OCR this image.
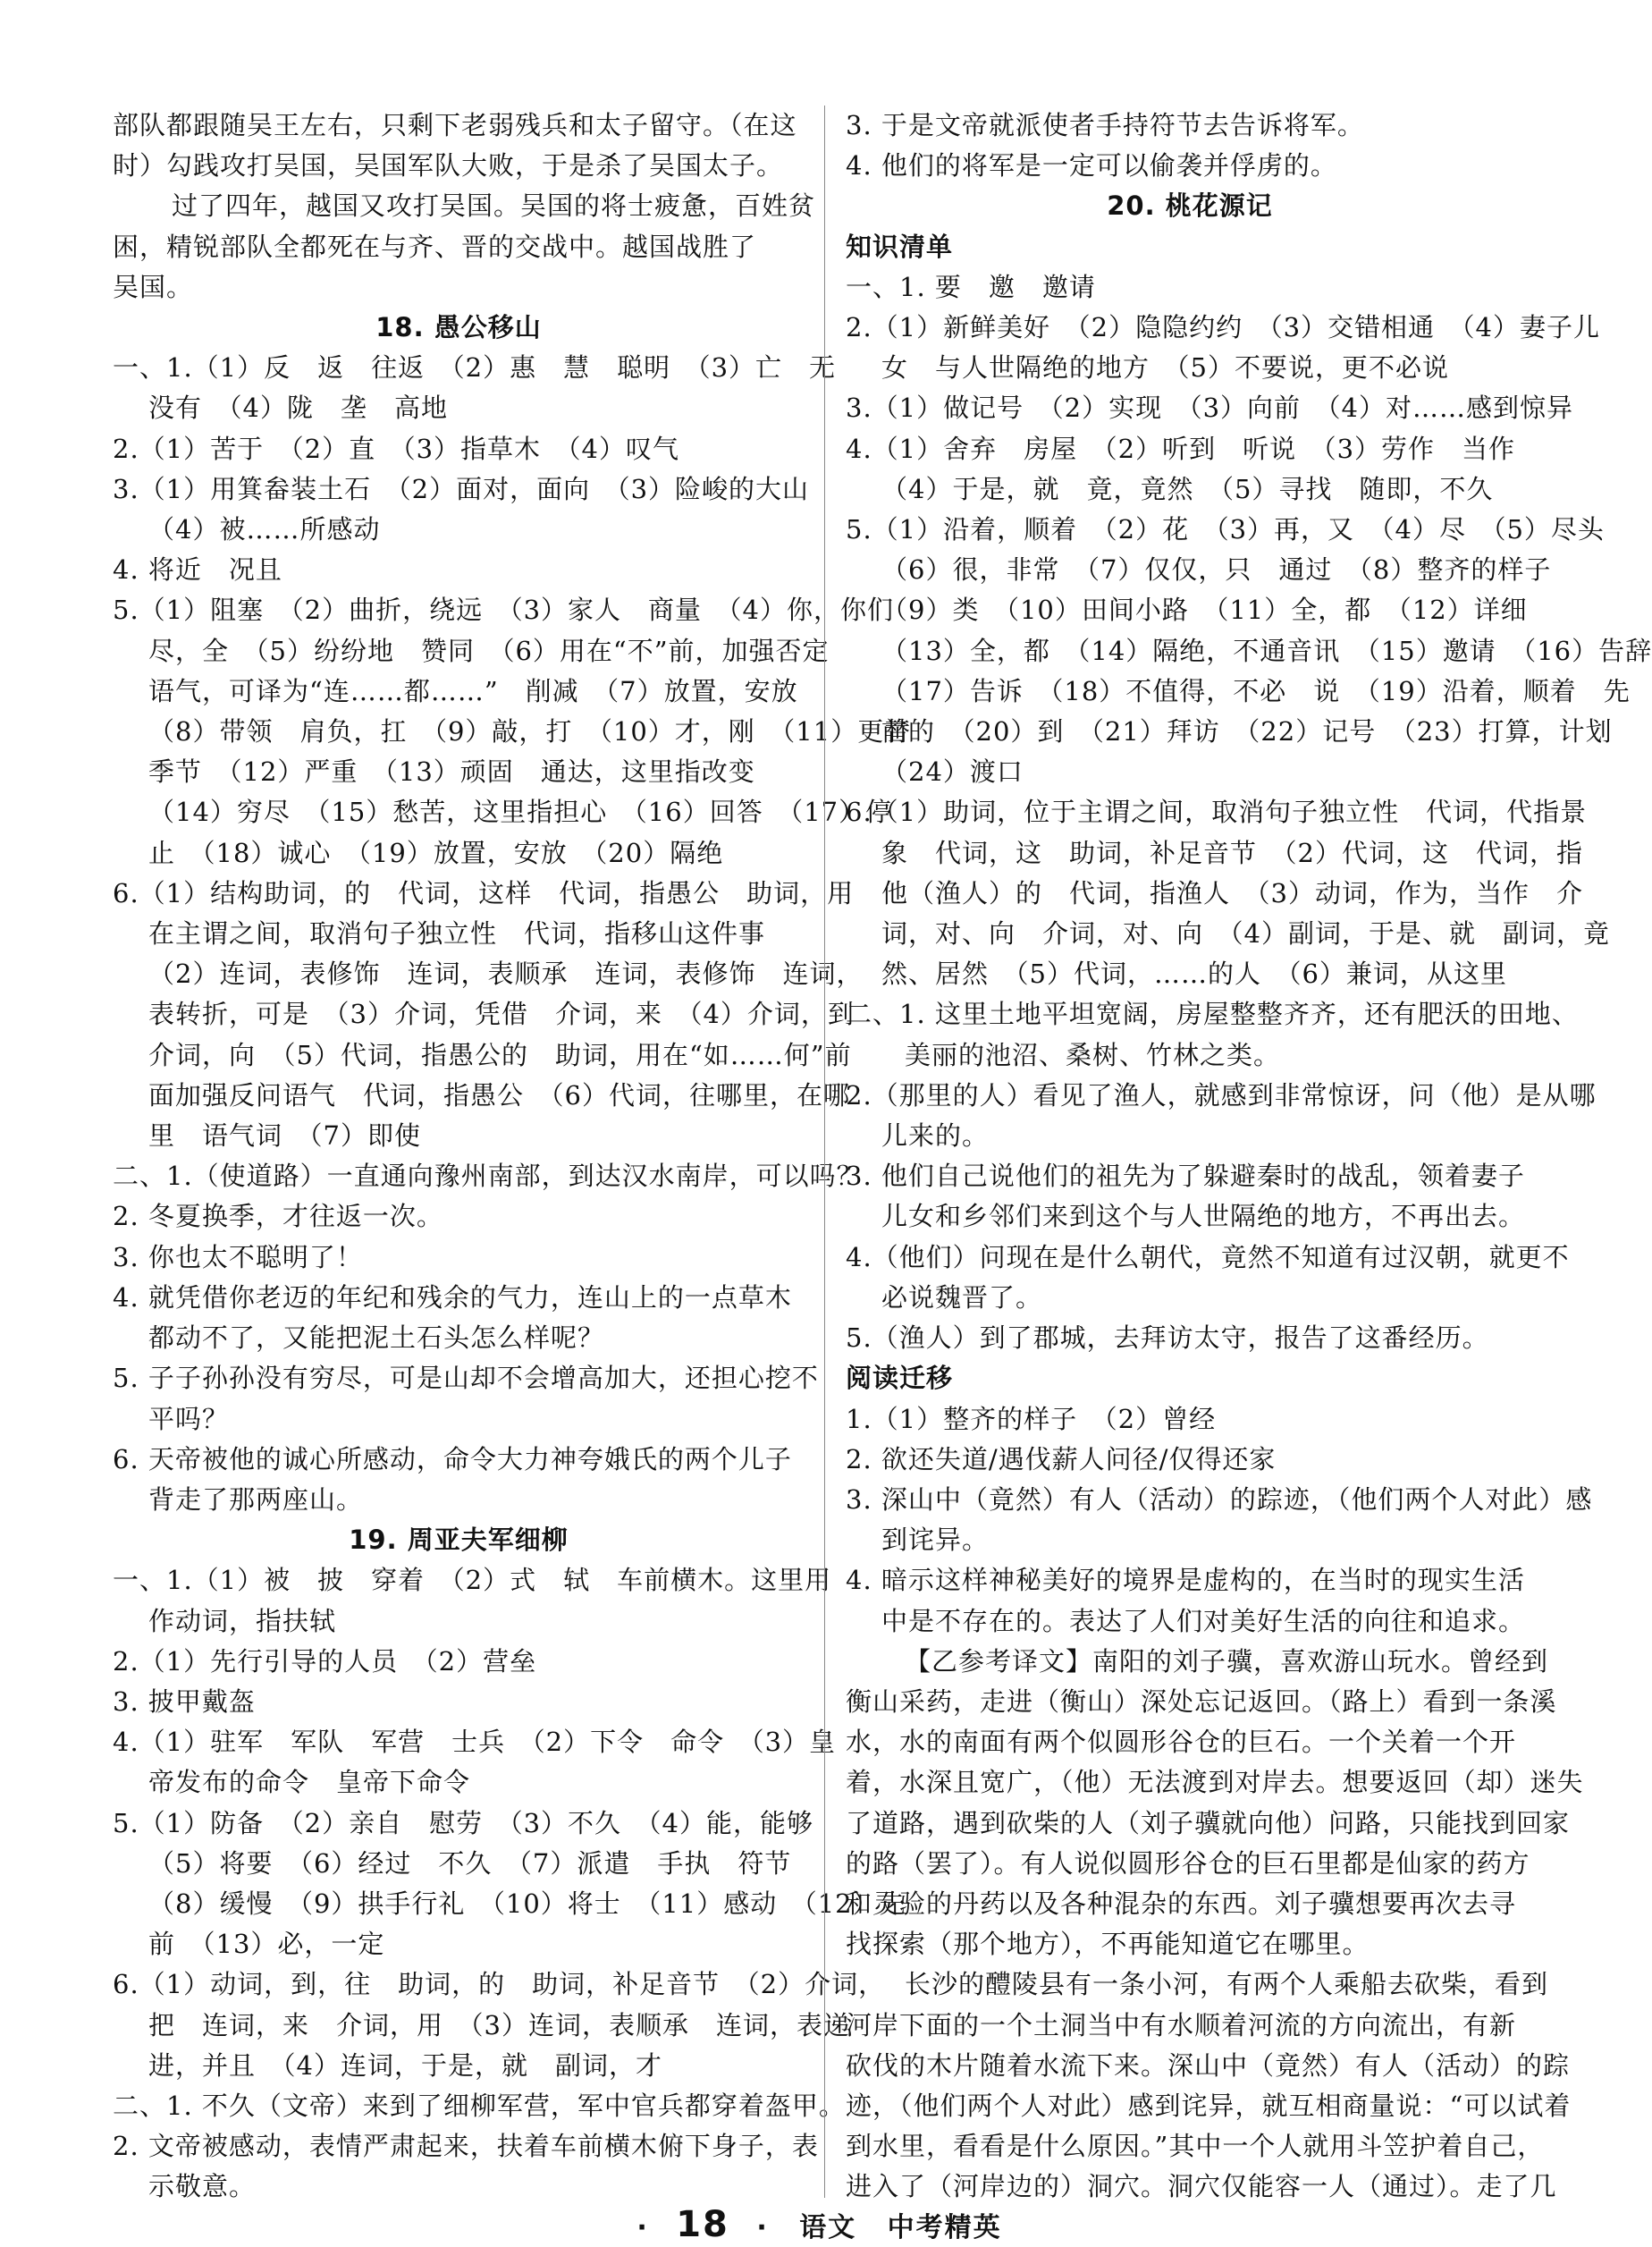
部队都跟随吴王左右，只剩下老弱残兵和太子留守。（在这
时）勾践攻打吴国，吴国军队大败，于是杀了吴国太子。
过了四年，越国又攻打吴国。吴国的将士疲惫，百姓贫
困，精锐部队全都死在与齐、晋的交战中。越国战胜了
吴国。
18. 愚公移山
一、1.（1）反　返　往返　（2）惠　慧　聪明　（3）亡　无
没有　（4）陇　垄　高地
2.（1）苦于　（2）直　（3）指草木　（4）叹气
3.（1）用箕畚装土石　（2）面对，面向　（3）险峻的大山
（4）被……所感动
4. 将近　况且
5.（1）阻塞　（2）曲折，绕远　（3）家人　商量　（4）你，你们
尽，全　（5）纷纷地　赞同　（6）用在“不”前，加强否定
语气，可译为“连……都……”　削减　（7）放置，安放
（8）带领　肩负，扛　（9）敲，打　（10）才，刚　（11）更替
季节　（12）严重　（13）顽固　通达，这里指改变
（14）穷尽　（15）愁苦，这里指担心　（16）回答　（17）停
止　（18）诚心　（19）放置，安放　（20）隔绝
6.（1）结构助词，的　代词，这样　代词，指愚公　助词，用
在主谓之间，取消句子独立性　代词，指移山这件事
（2）连词，表修饰　连词，表顺承　连词，表修饰　连词，
表转折，可是　（3）介词，凭借　介词，来　（4）介词，到
介词，向　（5）代词，指愚公的　助词，用在“如……何”前
面加强反问语气　代词，指愚公　（6）代词，往哪里，在哪
里　语气词　（7）即使
二、1.（使道路）一直通向豫州南部，到达汉水南岸，可以吗？
2. 冬夏换季，才往返一次。
3. 你也太不聪明了！
4. 就凭借你老迈的年纪和残余的气力，连山上的一点草木
都动不了，又能把泥土石头怎么样呢？
5. 子子孙孙没有穷尽，可是山却不会增高加大，还担心挖不
平吗？
6. 天帝被他的诚心所感动，命令大力神夸娥氏的两个儿子
背走了那两座山。
19. 周亚夫军细柳
一、1.（1）被　披　穿着　（2）式　轼　车前横木。这里用
作动词，指扶轼
2.（1）先行引导的人员　（2）营垒
3. 披甲戴盔
4.（1）驻军　军队　军营　士兵　（2）下令　命令　（3）皇
帝发布的命令　皇帝下命令
5.（1）防备　（2）亲自　慰劳　（3）不久　（4）能，能够
（5）将要　（6）经过　不久　（7）派遣　手执　符节
（8）缓慢　（9）拱手行礼　（10）将士　（11）感动　（12）先
前　（13）必，一定
6.（1）动词，到，往　助词，的　助词，补足音节　（2）介词，
把　连词，来　介词，用　（3）连词，表顺承　连词，表递
进，并且　（4）连词，于是，就　副词，才
二、1. 不久（文帝）来到了细柳军营，军中官兵都穿着盔甲。
2. 文帝被感动，表情严肃起来，扶着车前横木俯下身子，表
示敬意。
3. 于是文帝就派使者手持符节去告诉将军。
4. 他们的将军是一定可以偷袭并俘虏的。
20. 桃花源记
知识清单
一、1. 要　邀　邀请
2.（1）新鲜美好　（2）隐隐约约　（3）交错相通　（4）妻子儿
女　与人世隔绝的地方　（5）不要说，更不必说
3.（1）做记号　（2）实现　（3）向前　（4）对……感到惊异
4.（1）舍弃　房屋　（2）听到　听说　（3）劳作　当作
（4）于是，就　竟，竟然　（5）寻找　随即，不久
5.（1）沿着，顺着　（2）花　（3）再，又　（4）尽　（5）尽头
（6）很，非常　（7）仅仅，只　通过　（8）整齐的样子
（9）类　（10）田间小路　（11）全，都　（12）详细
（13）全，都　（14）隔绝，不通音讯　（15）邀请　（16）告辞
（17）告诉　（18）不值得，不必　说　（19）沿着，顺着　先
前的　（20）到　（21）拜访　（22）记号　（23）打算，计划
（24）渡口
6.（1）助词，位于主谓之间，取消句子独立性　代词，代指景
象　代词，这　助词，补足音节　（2）代词，这　代词，指
他（渔人）的　代词，指渔人　（3）动词，作为，当作　介
词，对、向　介词，对、向　（4）副词，于是、就　副词，竟
然、居然　（5）代词，……的人　（6）兼词，从这里
二、1. 这里土地平坦宽阔，房屋整整齐齐，还有肥沃的田地、
美丽的池沼、桑树、竹林之类。
2.（那里的人）看见了渔人，就感到非常惊讶，问（他）是从哪
儿来的。
3. 他们自己说他们的祖先为了躲避秦时的战乱，领着妻子
儿女和乡邻们来到这个与人世隔绝的地方，不再出去。
4.（他们）问现在是什么朝代，竟然不知道有过汉朝，就更不
必说魏晋了。
5.（渔人）到了郡城，去拜访太守，报告了这番经历。
阅读迁移
1.（1）整齐的样子　（2）曾经
2. 欲还失道/遇伐薪人问径/仅得还家
3. 深山中（竟然）有人（活动）的踪迹，（他们两个人对此）感
到诧异。
4. 暗示这样神秘美好的境界是虚构的，在当时的现实生活
中是不存在的。表达了人们对美好生活的向往和追求。
【乙参考译文】南阳的刘子骥，喜欢游山玩水。曾经到
衡山采药，走进（衡山）深处忘记返回。（路上）看到一条溪
水，水的南面有两个似圆形谷仓的巨石。一个关着一个开
着，水深且宽广，（他）无法渡到对岸去。想要返回（却）迷失
了道路，遇到砍柴的人（刘子骥就向他）问路，只能找到回家
的路（罢了）。有人说似圆形谷仓的巨石里都是仙家的药方
和灵验的丹药以及各种混杂的东西。刘子骥想要再次去寻
找探索（那个地方），不再能知道它在哪里。
长沙的醴陵县有一条小河，有两个人乘船去砍柴，看到
河岸下面的一个土洞当中有水顺着河流的方向流出，有新
砍伐的木片随着水流下来。深山中（竟然）有人（活动）的踪
迹，（他们两个人对此）感到诧异，就互相商量说：“可以试着
到水里，看看是什么原因。”其中一个人就用斗笠护着自己，
进入了（河岸边的）洞穴。洞穴仅能容一人（通过）。走了几
· 18 · 语文 中考精英
